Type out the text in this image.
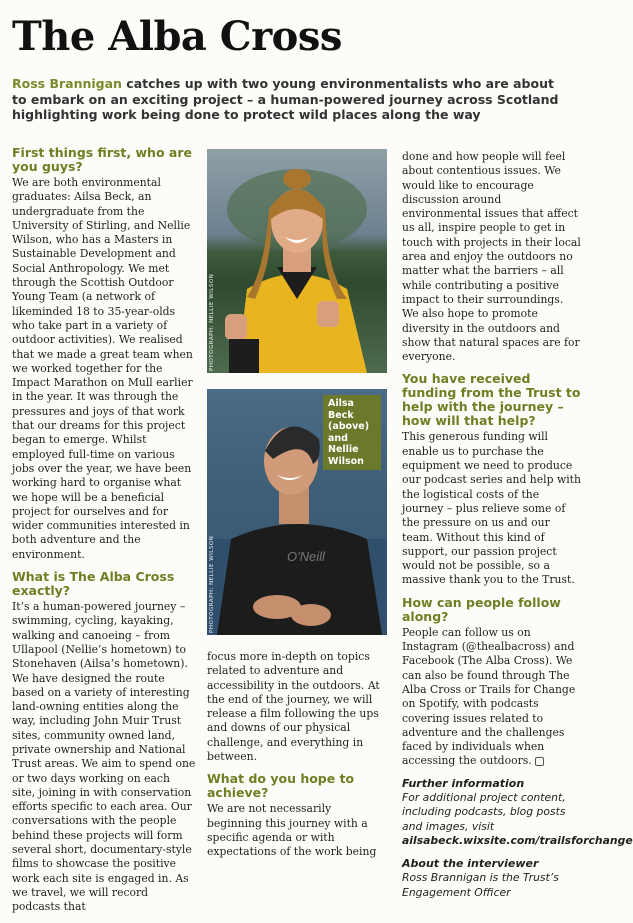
The Alba Cross
Ross Brannigan catches up with two young environmentalists who are about to embark on an exciting project – a human-powered journey across Scotland highlighting work being done to protect wild places along the way

First things first, who are you guys?

We are both environmental graduates: Ailsa Beck, an undergraduate from the University of Stirling, and Nellie Wilson, who has a Masters in Sustainable Development and Social Anthropology. We met through the Scottish Outdoor Young Team (a network of likeminded 18 to 35-year-olds who take part in a variety of outdoor activities). We realised that we made a great team when we worked together for the Impact Marathon on Mull earlier in the year. It was through the pressures and joys of that work that our dreams for this project began to emerge. Whilst employed full-time on various jobs over the year, we have been working hard to organise what we hope will be a beneficial project for ourselves and for wider communities interested in both adventure and the environment.

What is The Alba Cross exactly?

It’s a human-powered journey – swimming, cycling, kayaking, walking and canoeing – from Ullapool (Nellie’s hometown) to Stonehaven (Ailsa’s hometown). We have designed the route based on a variety of interesting land-owning entities along the way, including John Muir Trust sites, community owned land, private ownership and National Trust areas. We aim to spend one or two days working on each site, joining in with conservation efforts specific to each area. Our conversations with the people behind these projects will form several short, documentary-style films to showcase the positive work each site is engaged in. As we travel, we will record podcasts that

PHOTOGRAPH: NELLIE WILSON
O'Neill
Ailsa Beck (above) and Nellie Wilson
PHOTOGRAPH: NELLIE WILSON

focus more in-depth on topics related to adventure and accessibility in the outdoors. At the end of the journey, we will release a film following the ups and downs of our physical challenge, and everything in between.

What do you hope to achieve?

We are not necessarily beginning this journey with a specific agenda or with expectations of the work being

done and how people will feel about contentious issues. We would like to encourage discussion around environmental issues that affect us all, inspire people to get in touch with projects in their local area and enjoy the outdoors no matter what the barriers – all while contributing a positive impact to their surroundings. We also hope to promote diversity in the outdoors and show that natural spaces are for everyone.

You have received funding from the Trust to help with the journey – how will that help?

This generous funding will enable us to purchase the equipment we need to produce our podcast series and help with the logistical costs of the journey – plus relieve some of the pressure on us and our team. Without this kind of support, our passion project would not be possible, so a massive thank you to the Trust.

How can people follow along?

People can follow us on Instagram (@thealbacross) and Facebook (The Alba Cross). We can also be found through The Alba Cross or Trails for Change on Spotify, with podcasts covering issues related to adventure and the challenges faced by individuals when accessing the outdoors.

Further information

For additional project content, including podcasts, blog posts and images, visit ailsabeck.wixsite.com/trailsforchange

About the interviewer

Ross Brannigan is the Trust’s Engagement Officer
